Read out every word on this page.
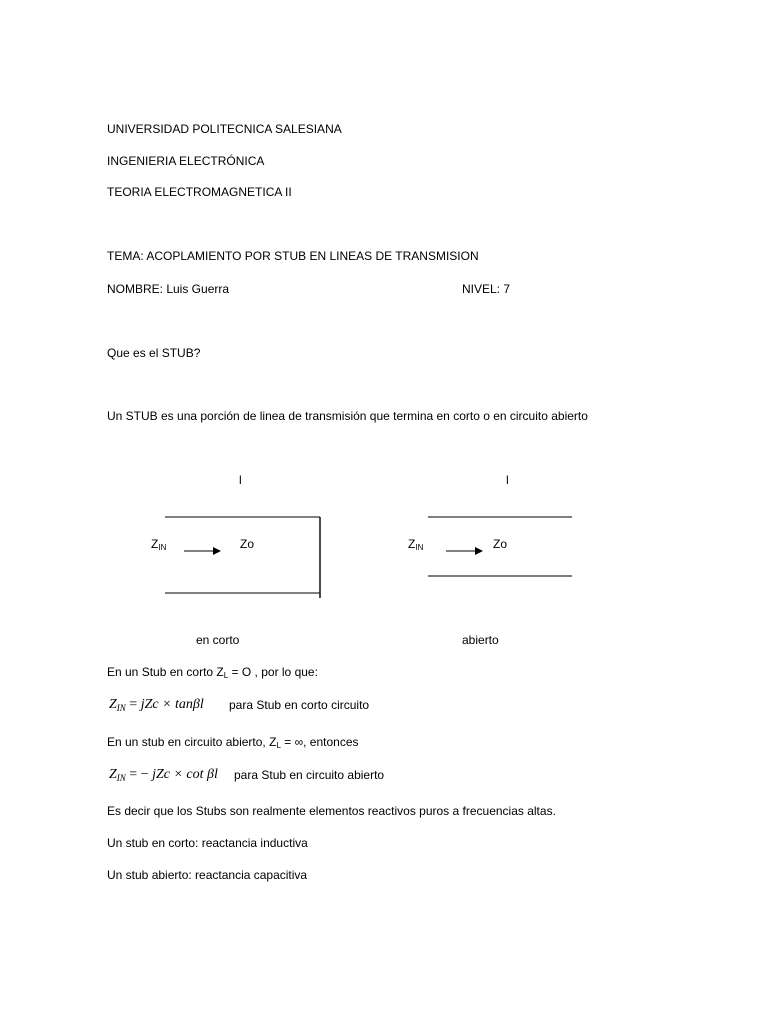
UNIVERSIDAD POLITECNICA SALESIANA
INGENIERIA ELECTRÓNICA
TEORIA ELECTROMAGNETICA II
TEMA: ACOPLAMIENTO POR STUB EN LINEAS DE TRANSMISION
NOMBRE: Luis Guerra	NIVEL: 7
Que es el STUB?
Un STUB es una porción de linea de transmisión que termina en corto o en circuito abierto
l
$Z_{IN}$	Zo
en corto
l
$Z_{IN}$	Zo
abierto
En un Stub en corto $Z_L = O$ , por lo que:
$Z_{IN}$ = jZc × tanβl para Stub en corto circuito
En un stub en circuito abierto, $Z_L$ = ∞, entonces
$Z_{IN}$ = − jZc × cot βl para Stub en circuito abierto
Es decir que los Stubs son realmente elementos reactivos puros a frecuencias altas.
Un stub en corto: reactancia inductiva
Un stub abierto: reactancia capacitiva
